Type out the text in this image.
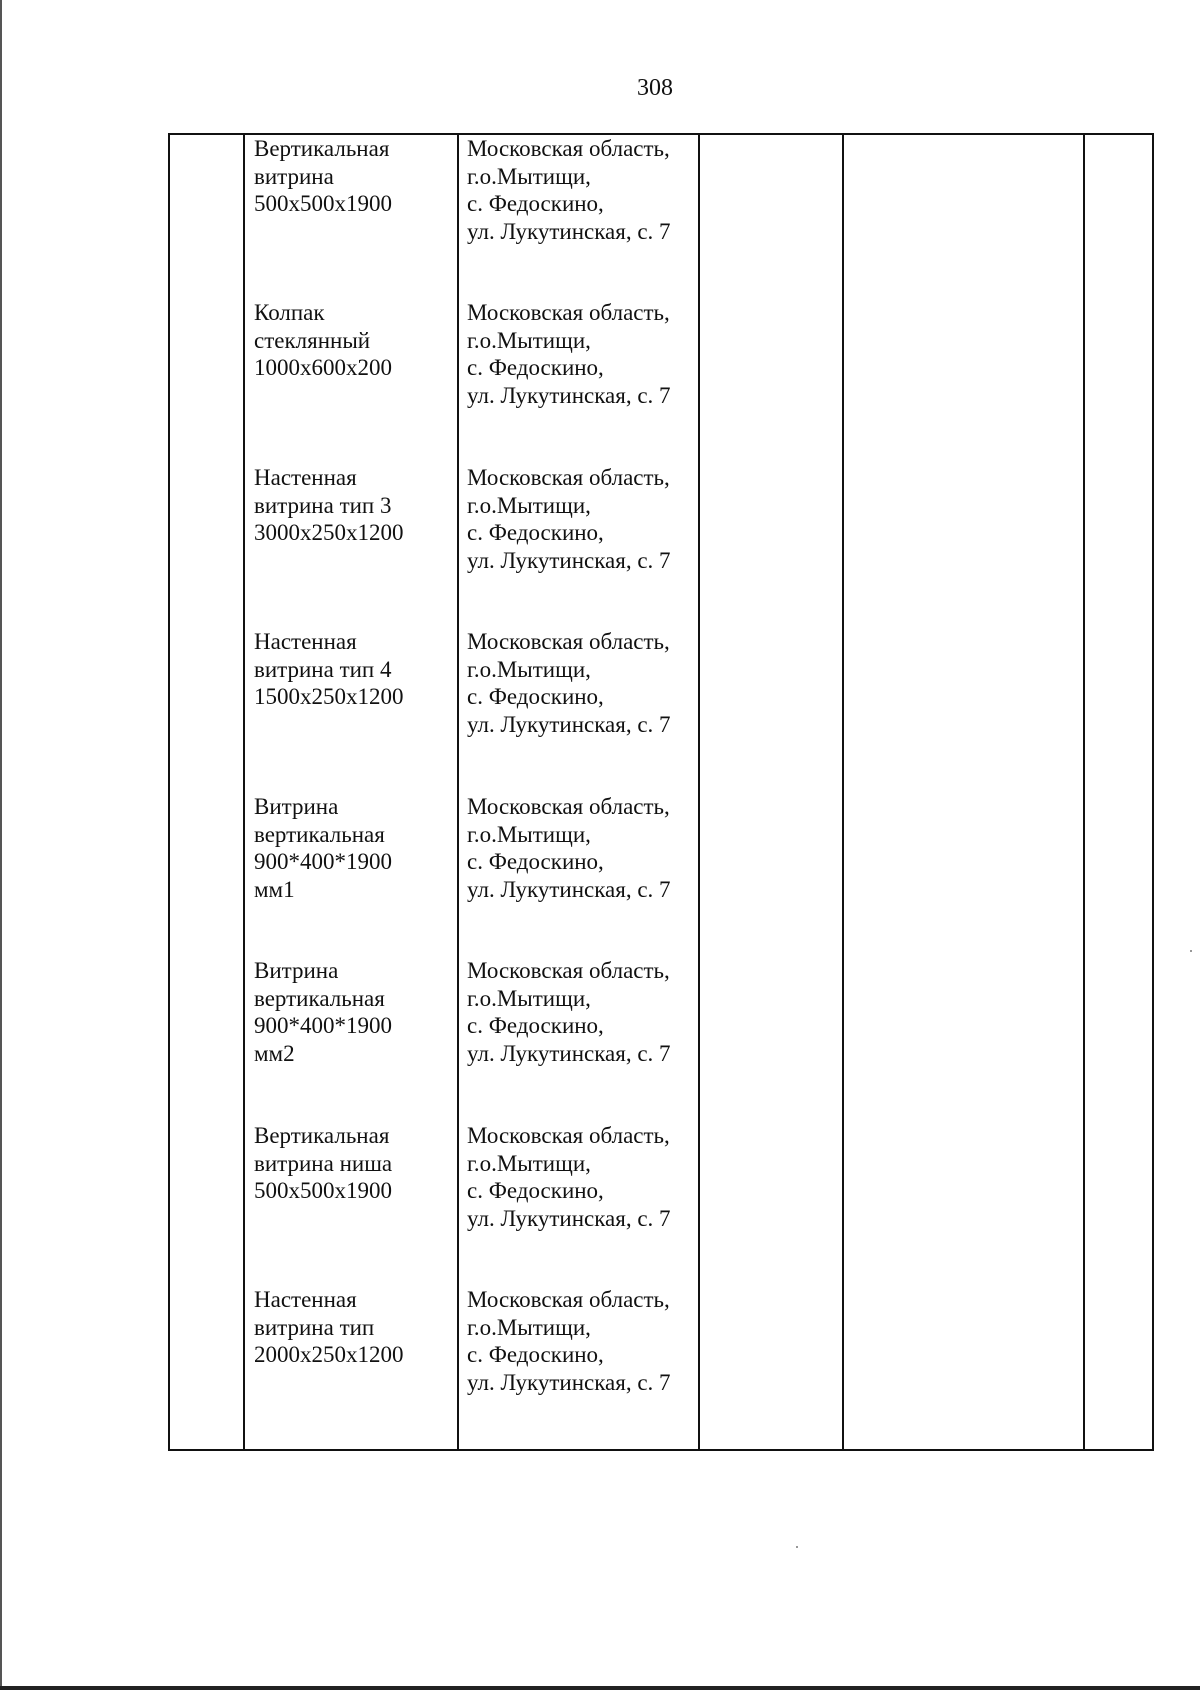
308
Вертикальная
витрина
500х500х1900
Московская область,
г.о.Мытищи,
с. Федоскино,
ул. Лукутинская, с. 7
Колпак
стеклянный
1000х600х200
Московская область,
г.о.Мытищи,
с. Федоскино,
ул. Лукутинская, с. 7
Настенная
витрина тип 3
3000х250х1200
Московская область,
г.о.Мытищи,
с. Федоскино,
ул. Лукутинская, с. 7
Настенная
витрина тип 4
1500х250х1200
Московская область,
г.о.Мытищи,
с. Федоскино,
ул. Лукутинская, с. 7
Витрина
вертикальная
900*400*1900
мм1
Московская область,
г.о.Мытищи,
с. Федоскино,
ул. Лукутинская, с. 7
Витрина
вертикальная
900*400*1900
мм2
Московская область,
г.о.Мытищи,
с. Федоскино,
ул. Лукутинская, с. 7
Вертикальная
витрина ниша
500х500х1900
Московская область,
г.о.Мытищи,
с. Федоскино,
ул. Лукутинская, с. 7
Настенная
витрина тип
2000х250х1200
Московская область,
г.о.Мытищи,
с. Федоскино,
ул. Лукутинская, с. 7
